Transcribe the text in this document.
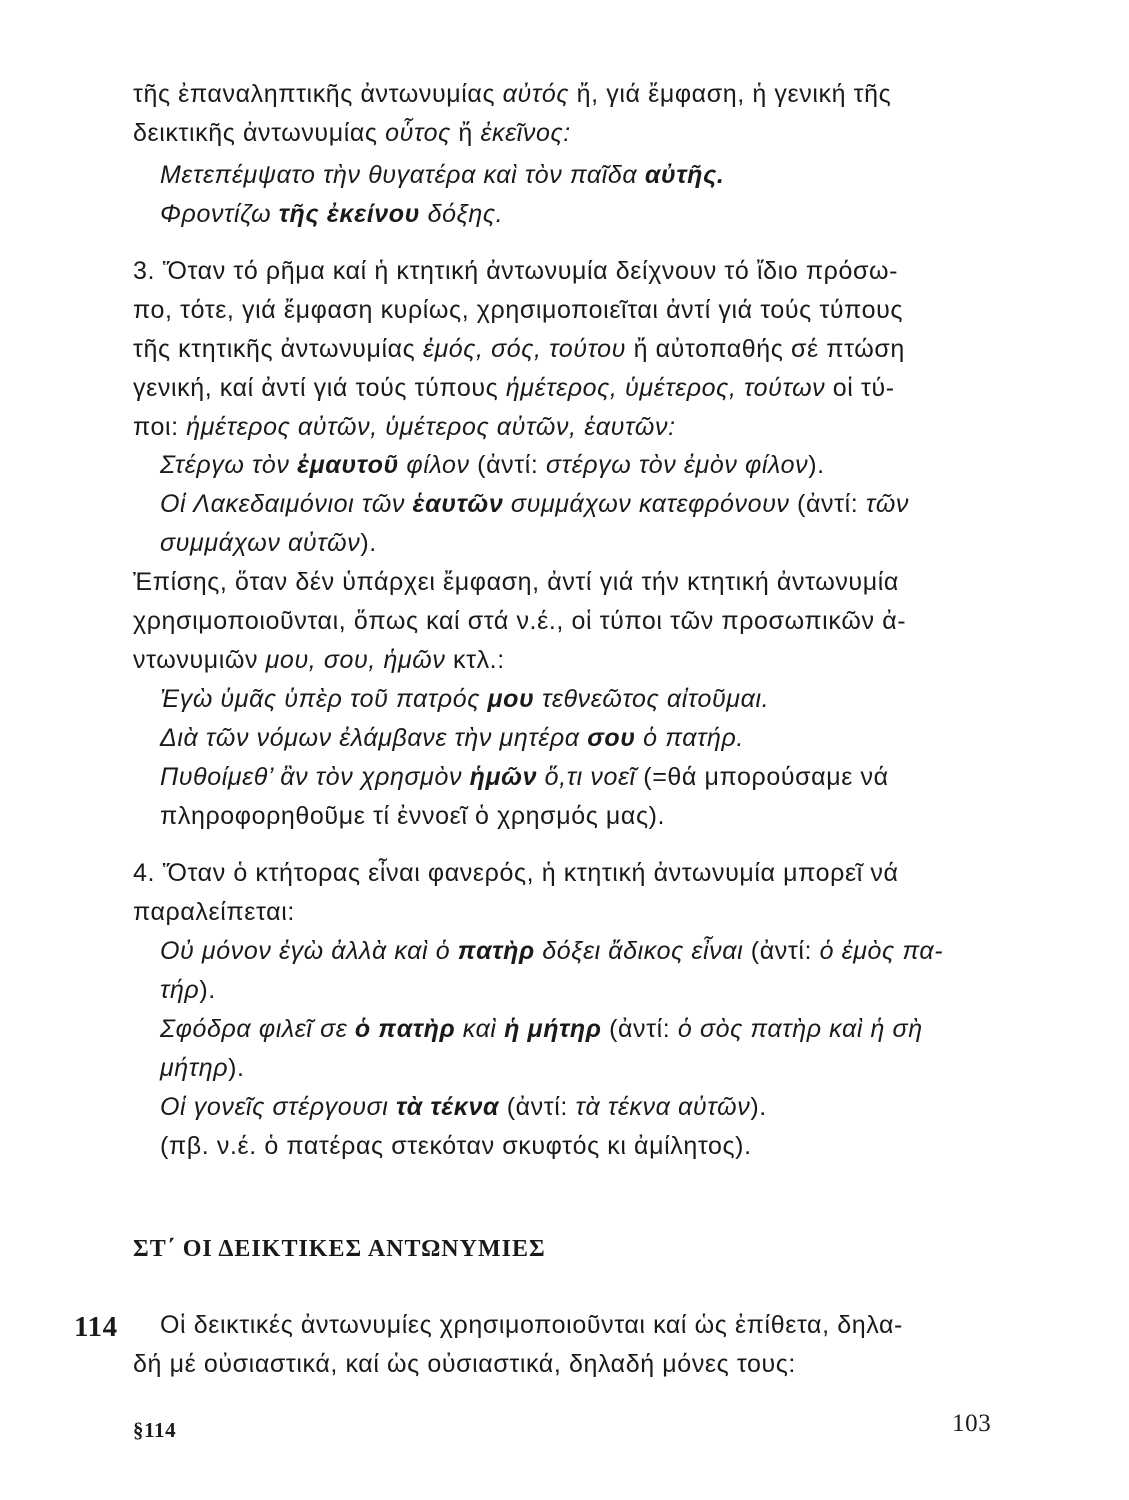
τῆς ἐπαναληπτικῆς ἀντωνυμίας αὐτός ἤ, γιά ἔμφαση, ἡ γενική τῆς
δεικτικῆς ἀντωνυμίας οὗτος ἤ ἐκεῖνος:
Μετεπέμψατο τὴν θυγατέρα καὶ τὸν παῖδα αὐτῆς.
Φροντίζω τῆς ἐκείνου δόξης.
3. Ὅταν τό ρῆμα καί ἡ κτητική ἀντωνυμία δείχνουν τό ἴδιο πρόσω-
πο, τότε, γιά ἔμφαση κυρίως, χρησιμοποιεῖται ἀντί γιά τούς τύπους
τῆς κτητικῆς ἀντωνυμίας ἐμός, σός, τούτου ἤ αὐτοπαθής σέ πτώση
γενική, καί ἀντί γιά τούς τύπους ἡμέτερος, ὑμέτερος, τούτων οἱ τύ-
ποι: ἡμέτερος αὐτῶν, ὑμέτερος αὐτῶν, ἑαυτῶν:
Στέργω τὸν ἐμαυτοῦ φίλον (ἀντί: στέργω τὸν ἐμὸν φίλον).
Οἱ Λακεδαιμόνιοι τῶν ἑαυτῶν συμμάχων κατεφρόνουν (ἀντί: τῶν
συμμάχων αὐτῶν).
Ἐπίσης, ὅταν δέν ὑπάρχει ἔμφαση, ἀντί γιά τήν κτητική ἀντωνυμία
χρησιμοποιοῦνται, ὅπως καί στά ν.έ., οἱ τύποι τῶν προσωπικῶν ἀ-
ντωνυμιῶν μου, σου, ἡμῶν κτλ.:
Ἐγὼ ὑμᾶς ὑπὲρ τοῦ πατρός μου τεθνεῶτος αἰτοῦμαι.
Διὰ τῶν νόμων ἐλάμβανε τὴν μητέρα σου ὁ πατήρ.
Πυθοίμεθ’ ἂν τὸν χρησμὸν ἡμῶν ὅ,τι νοεῖ (=θά μπορούσαμε νά
πληροφορηθοῦμε τί ἐννοεῖ ὁ χρησμός μας).
4. Ὅταν ὁ κτήτορας εἶναι φανερός, ἡ κτητική ἀντωνυμία μπορεῖ νά
παραλείπεται:
Οὐ μόνον ἐγὼ ἀλλὰ καὶ ὁ πατὴρ δόξει ἄδικος εἶναι (ἀντί: ὁ ἐμὸς πα-
τήρ).
Σφόδρα φιλεῖ σε ὁ πατὴρ καὶ ἡ μήτηρ (ἀντί: ὁ σὸς πατὴρ καὶ ἡ σὴ
μήτηρ).
Οἱ γονεῖς στέργουσι τὰ τέκνα (ἀντί: τὰ τέκνα αὐτῶν).
(πβ. ν.έ. ὁ πατέρας στεκόταν σκυφτός κι ἀμίλητος).
ΣΤ΄ ΟΙ ΔΕΙΚΤΙΚΕΣ ΑΝΤΩΝΥΜΙΕΣ
114 Οἱ δεικτικές ἀντωνυμίες χρησιμοποιοῦνται καί ὡς ἐπίθετα, δηλα-
δή μέ οὐσιαστικά, καί ὡς οὐσιαστικά, δηλαδή μόνες τους:
§114	103
